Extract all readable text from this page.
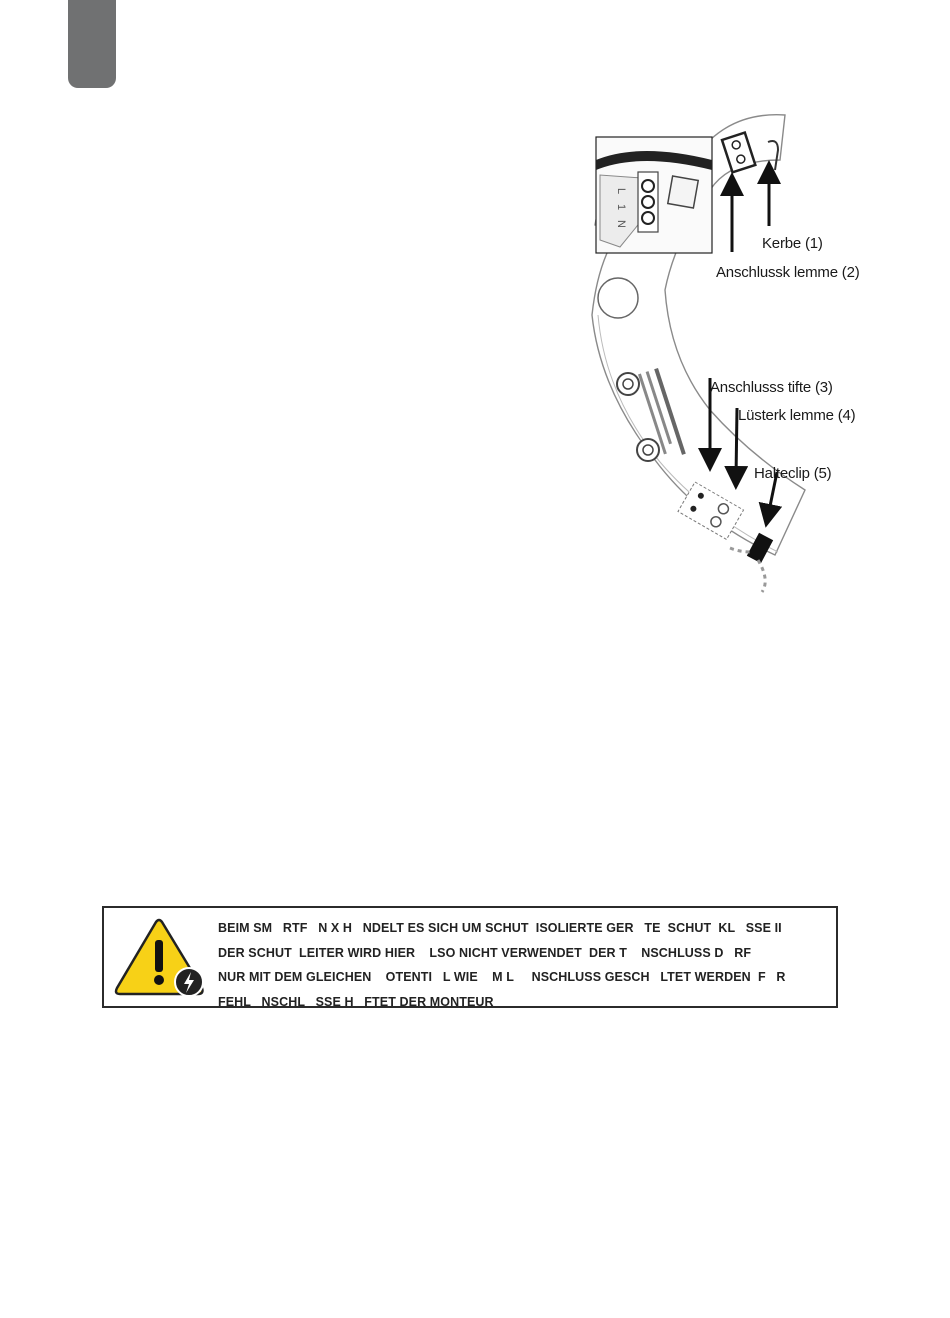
L
1
N
Kerbe (1)
Anschlussk lemme (2)
Anschlusss tifte (3)
Lüsterk lemme (4)
Halteclip (5)
BEIM SM   RTF   N X H   NDELT ES SICH UM SCHUT  ISOLIERTE GER   TE  SCHUT  KL   SSE II
DER SCHUT  LEITER WIRD HIER    LSO NICHT VERWENDET  DER T    NSCHLUSS D   RF
NUR MIT DEM GLEICHEN    OTENTI   L WIE    M L     NSCHLUSS GESCH   LTET WERDEN  F   R
FEHL   NSCHL   SSE H   FTET DER MONTEUR
